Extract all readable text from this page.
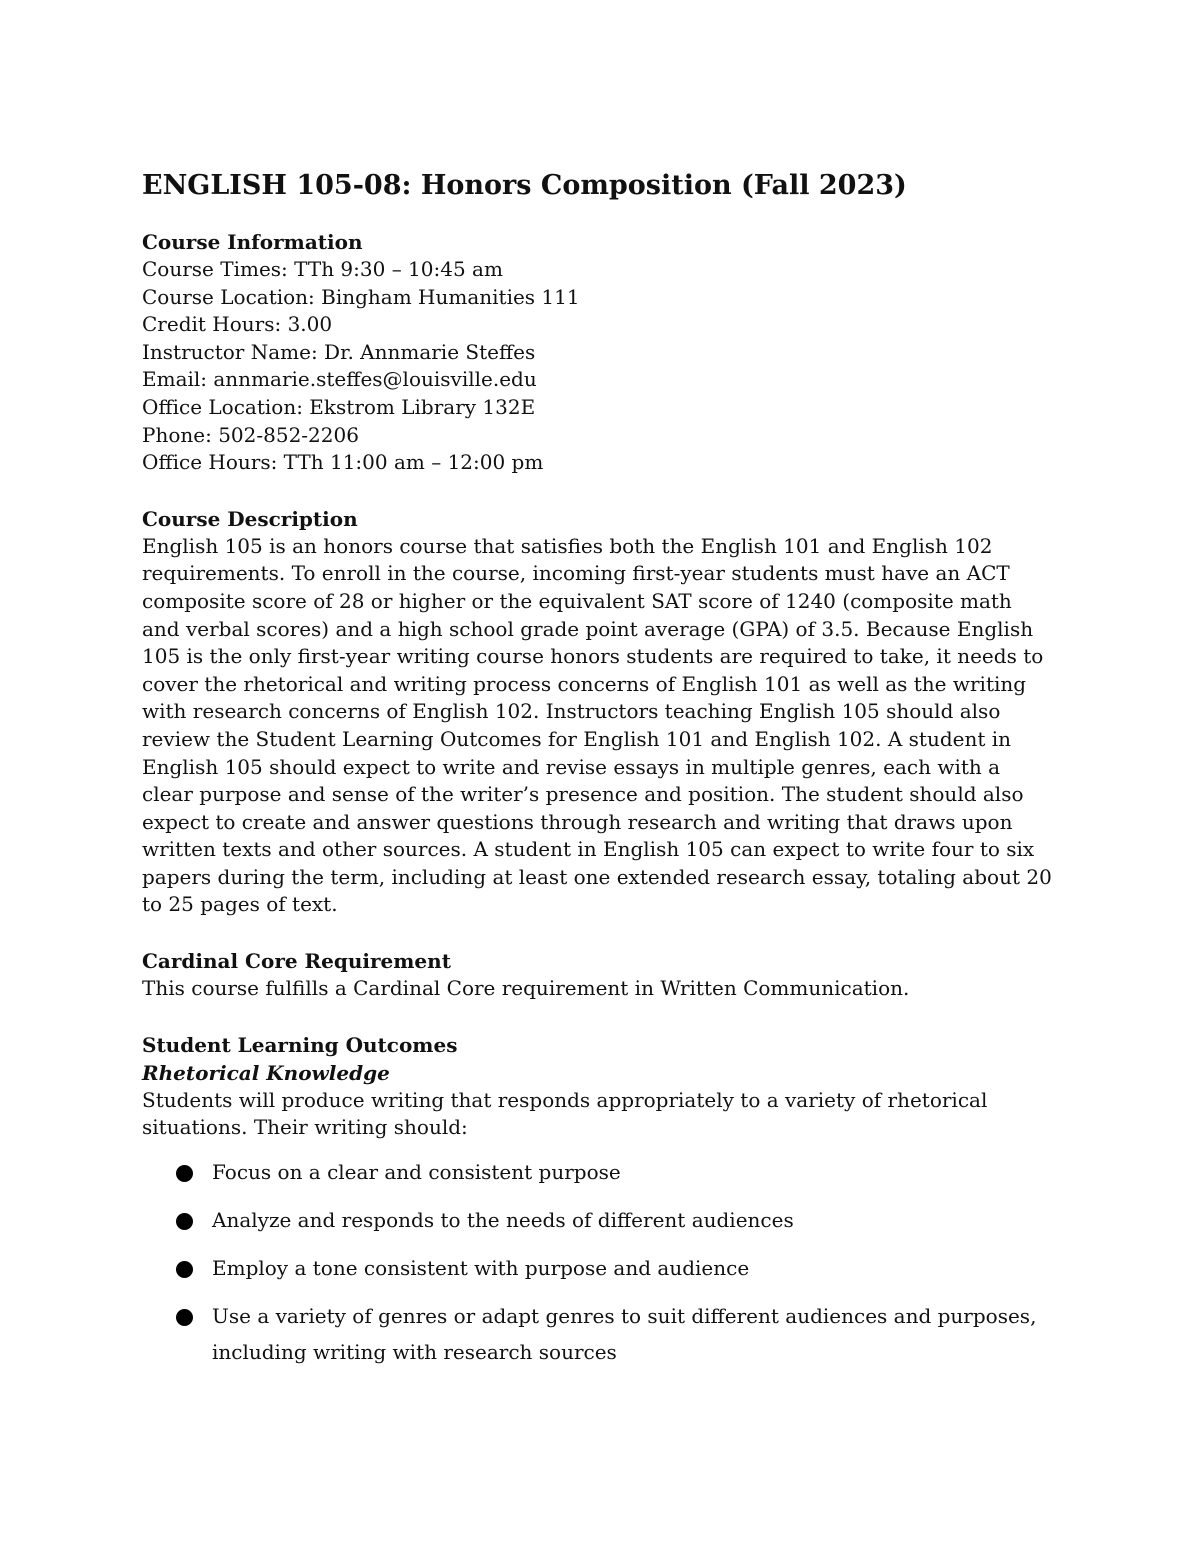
ENGLISH 105-08: Honors Composition (Fall 2023)
Course Information

Course Times: TTh 9:30 – 10:45 am

Course Location: Bingham Humanities 111

Credit Hours: 3.00

Instructor Name: Dr. Annmarie Steffes

Email: annmarie.steffes@louisville.edu

Office Location: Ekstrom Library 132E

Phone: 502-852-2206

Office Hours: TTh 11:00 am – 12:00 pm

Course Description

English 105 is an honors course that satisfies both the English 101 and English 102 requirements. To enroll in the course, incoming first-year students must have an ACT composite score of 28 or higher or the equivalent SAT score of 1240 (composite math and verbal scores) and a high school grade point average (GPA) of 3.5. Because English 105 is the only first-year writing course honors students are required to take, it needs to cover the rhetorical and writing process concerns of English 101 as well as the writing with research concerns of English 102. Instructors teaching English 105 should also review the Student Learning Outcomes for English 101 and English 102. A student in English 105 should expect to write and revise essays in multiple genres, each with a clear purpose and sense of the writer’s presence and position. The student should also expect to create and answer questions through research and writing that draws upon written texts and other sources. A student in English 105 can expect to write four to six papers during the term, including at least one extended research essay, totaling about 20 to 25 pages of text.

Cardinal Core Requirement

This course fulfills a Cardinal Core requirement in Written Communication.

Student Learning Outcomes
Rhetorical Knowledge

Students will produce writing that responds appropriately to a variety of rhetorical situations. Their writing should:

Focus on a clear and consistent purpose
Analyze and responds to the needs of different audiences
Employ a tone consistent with purpose and audience
Use a variety of genres or adapt genres to suit different audiences and purposes, including writing with research sources
